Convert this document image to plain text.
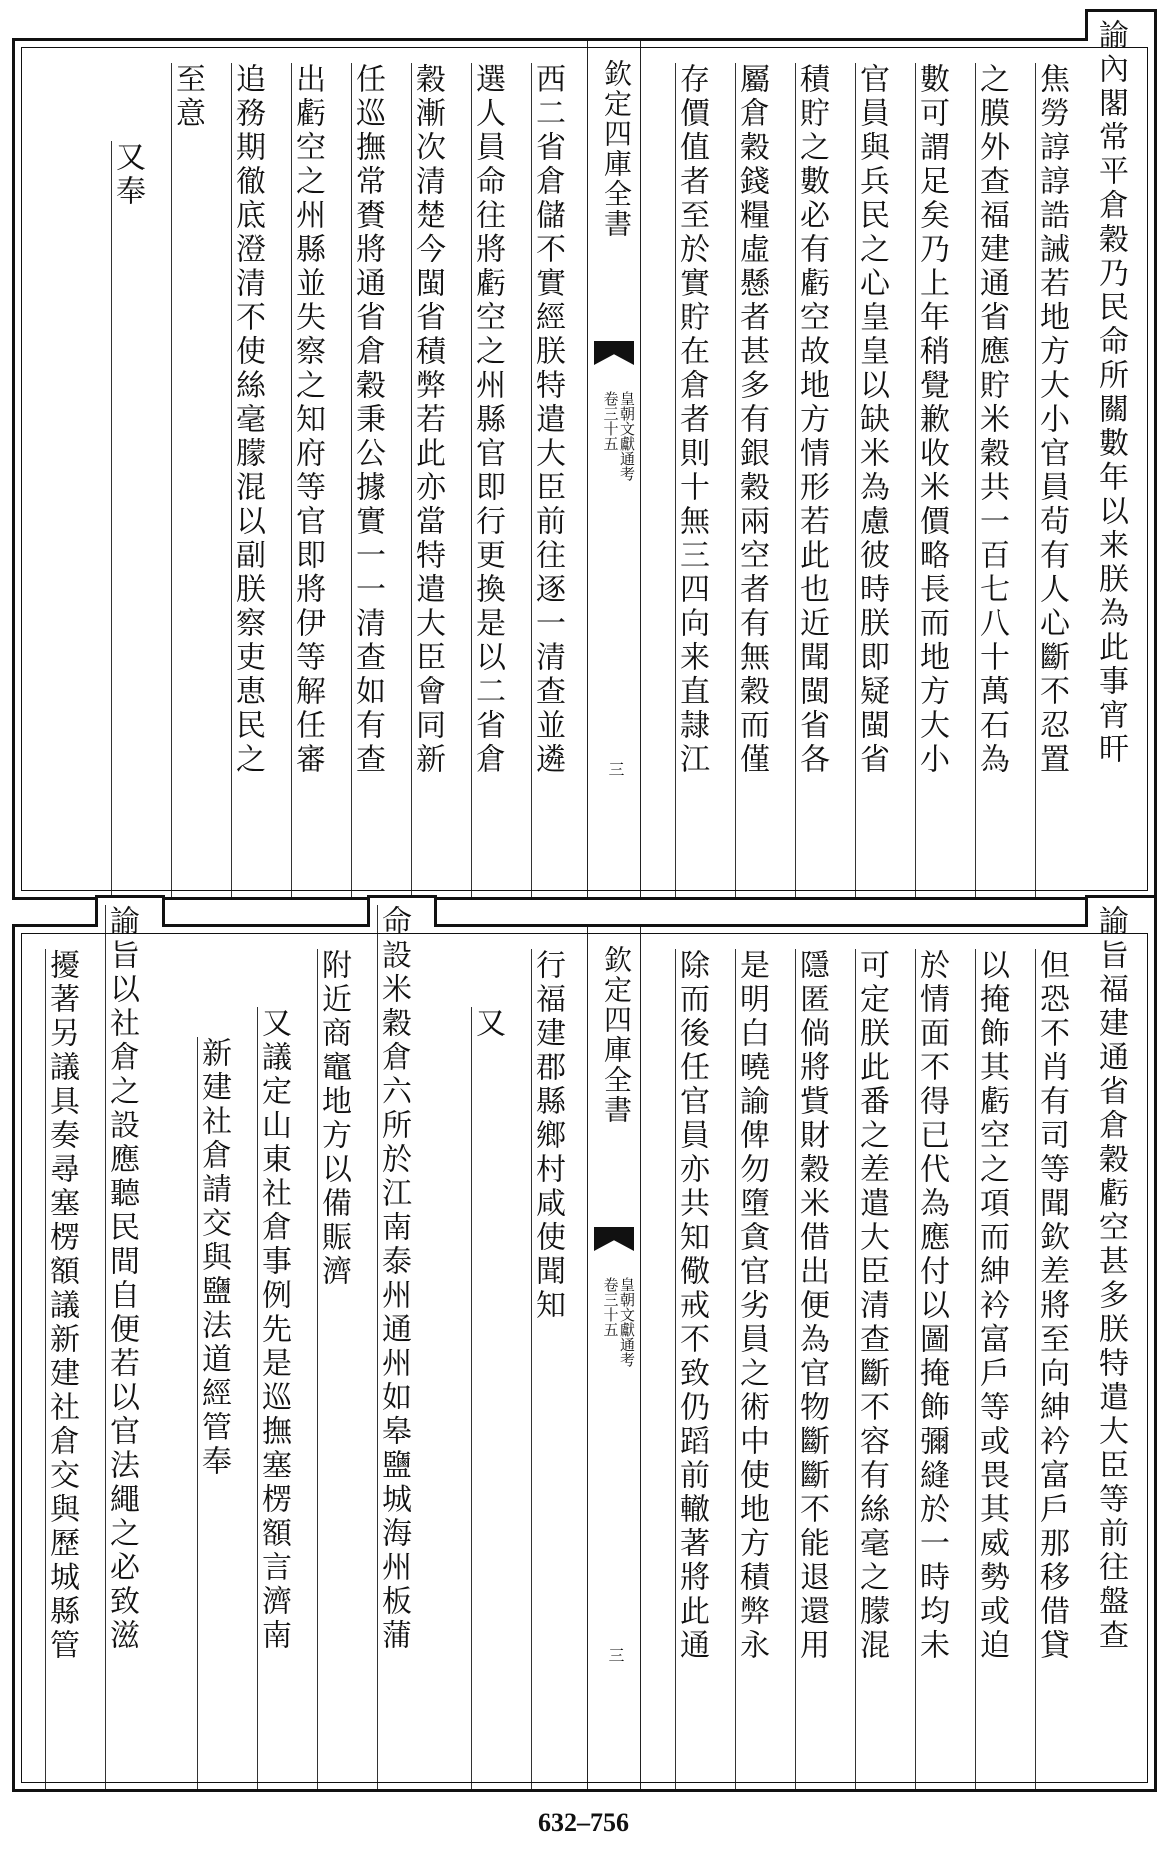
諭內閣常平倉穀乃民命所關數年以来朕為此事宵旰
焦勞諄諄誥誡若地方大小官員茍有人心斷不忍置
之膜外查福建通省應貯米穀共一百七八十萬石為
數可謂足矣乃上年稍覺歉收米價略長而地方大小
官員與兵民之心皇皇以缺米為慮彼時朕即疑閩省
積貯之數必有虧空故地方情形若此也近聞閩省各
屬倉穀錢糧虛懸者甚多有銀穀兩空者有無穀而僅
存價值者至於實貯在倉者則十無三四向来直隷江
欽定四庫全書
皇朝文獻通考
卷三十五
三
西二省倉儲不實經朕特遣大臣前往逐一清查並遴
選人員命往將虧空之州縣官即行更換是以二省倉
穀漸次清楚今閩省積弊若此亦當特遣大臣會同新
任巡撫常賚將通省倉穀秉公據實一一清查如有查
出虧空之州縣並失察之知府等官即將伊等解任審
追務期徹底澄清不使絲毫朦混以副朕察吏恵民之
至意
又奉
諭旨福建通省倉穀虧空甚多朕特遣大臣等前往盤查
但恐不肖有司等聞欽差將至向紳衿富戶那移借貸
以掩飾其虧空之項而紳衿富戶等或畏其威勢或迫
於情面不得已代為應付以圖掩飾彌縫於一時均未
可定朕此番之差遣大臣清查斷不容有絲毫之朦混
隱匿倘將貲財穀米借出便為官物斷斷不能退還用
是明白曉諭俾勿墮貪官劣員之術中使地方積弊永
除而後任官員亦共知儆戒不致仍蹈前轍著將此通
欽定四庫全書
皇朝文獻通考
卷三十五
三
行福建郡縣鄉村咸使聞知
又
命設米穀倉六所於江南泰州通州如皋鹽城海州板蒲
附近商竈地方以備賑濟
又議定山東社倉事例先是巡撫塞楞額言濟南
新建社倉請交與鹽法道經管奉
諭旨以社倉之設應聽民間自便若以官法繩之必致滋
擾著另議具奏尋塞楞額議新建社倉交與歷城縣管
632–756
